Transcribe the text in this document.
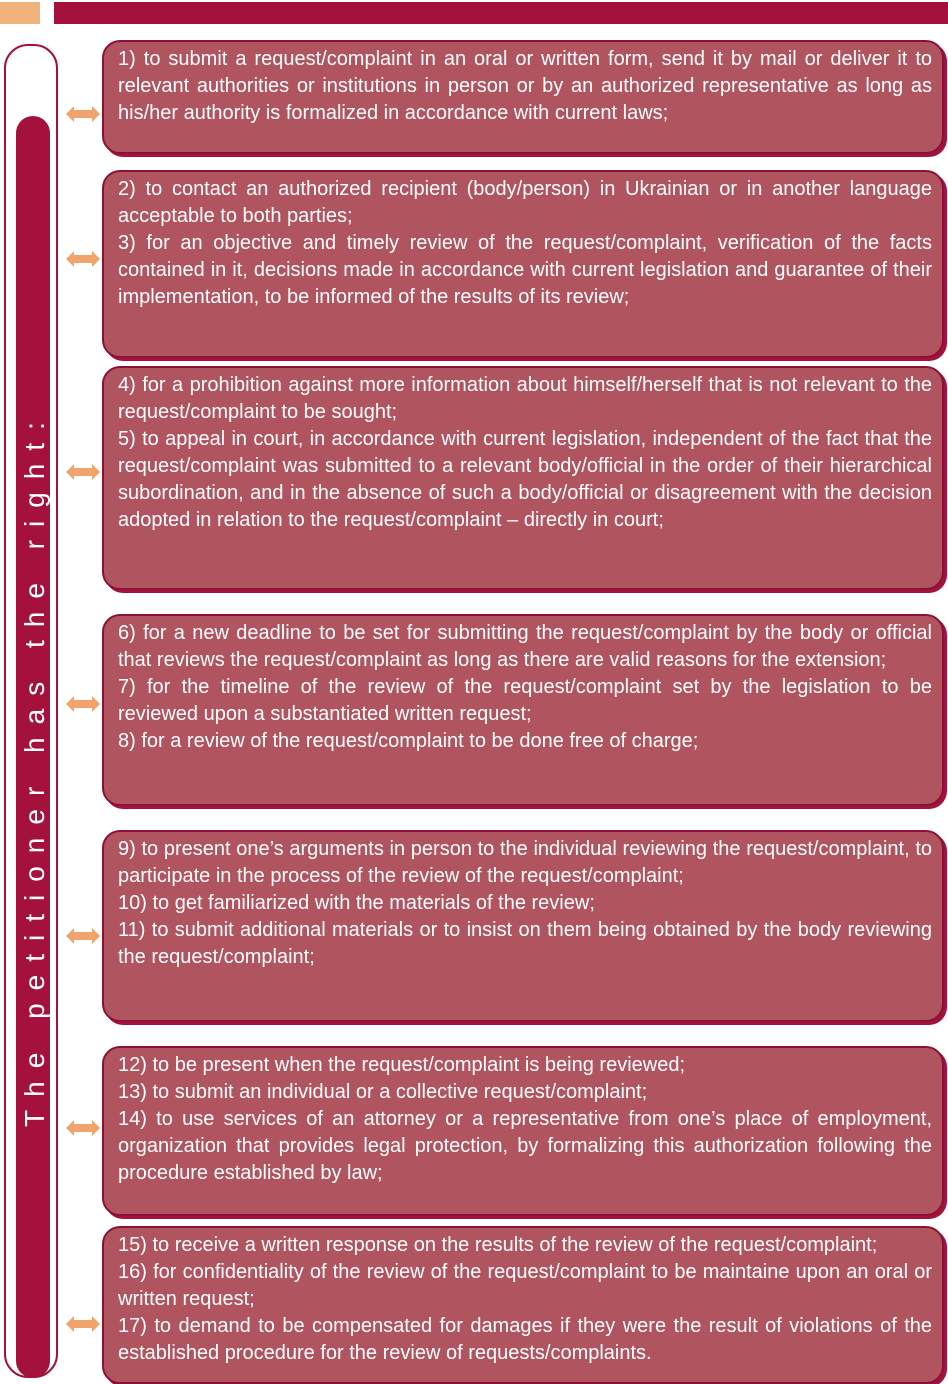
The petitioner has the right:

1) to submit a request/complaint in an oral or written form, send it by mail or deliver it to relevant authorities or institutions in person or by an authorized representative as long as his/her authority is formalized in accordance with current laws;

2) to contact an authorized recipient (body/person) in Ukrainian or in another language acceptable to both parties;

3) for an objective and timely review of the request/complaint, verification of the facts contained in it, decisions made in accordance with current legislation and guarantee of their implementation, to be informed of the results of its review;

4) for a prohibition against more information about himself/herself that is not relevant to the request/complaint to be sought;

5) to appeal in court, in accordance with current legislation, independent of the fact that the request/complaint was submitted to a relevant body/official in the order of their hierarchical subordination, and in the absence of such a body/official or disagreement with the decision adopted in relation to the request/complaint – directly in court;

6) for a new deadline to be set for submitting the request/complaint by the body or official that reviews the request/complaint as long as there are valid reasons for the extension;

7) for the timeline of the review of the request/complaint set by the legislation to be reviewed upon a substantiated written request;

8) for a review of the request/complaint to be done free of charge;

9) to present one’s arguments in person to the individual reviewing the request/complaint, to participate in the process of the review of the request/complaint;

10) to get familiarized with the materials of the review;

11) to submit additional materials or to insist on them being obtained by the body reviewing the request/complaint;

12) to be present when the request/complaint is being reviewed;

13) to submit an individual or a collective request/complaint;

14) to use services of an attorney or a representative from one’s place of employment, organization that provides legal protection, by formalizing this authorization following the procedure established by law;

15) to receive a written response on the results of the review of the request/complaint;

16) for confidentiality of the review of the request/complaint to be maintaine upon an oral or written request;

17) to demand to be compensated for damages if they were the result of violations of the established procedure for the review of requests/complaints.
